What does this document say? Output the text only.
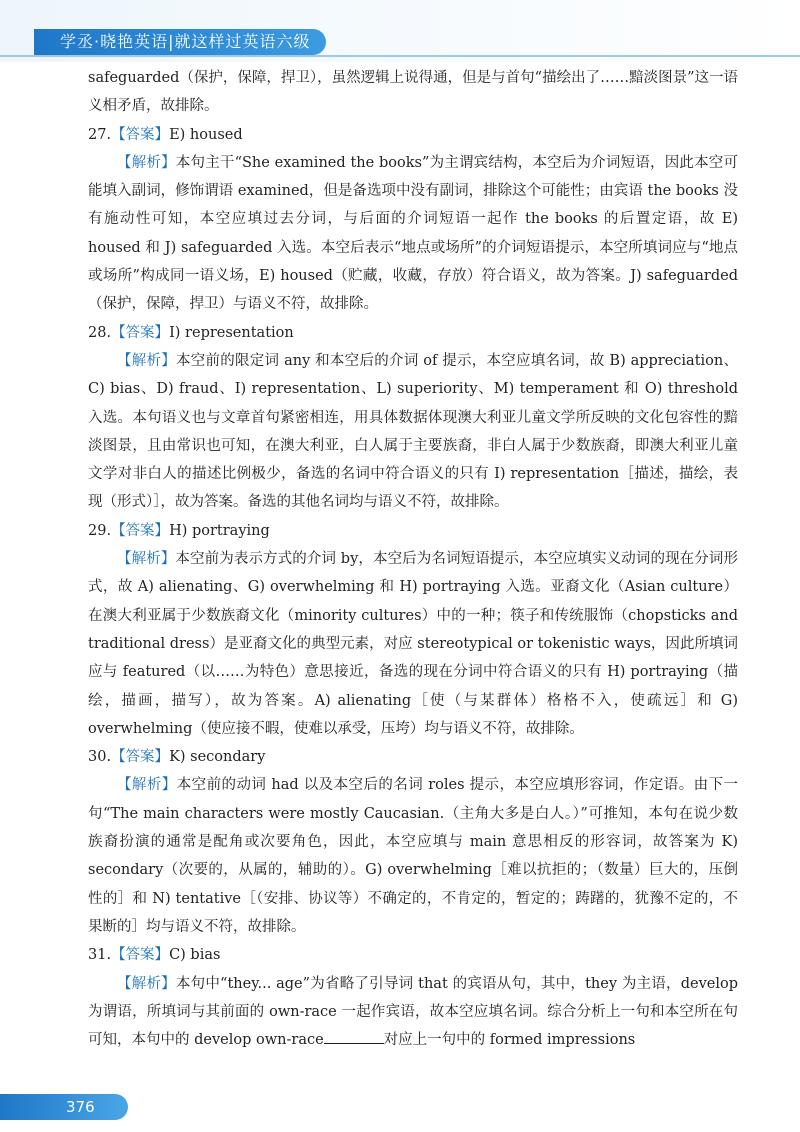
学丞·晓艳英语|就这样过英语六级

safeguarded（保护，保障，捍卫），虽然逻辑上说得通，但是与首句“描绘出了……黯淡图景”这一语义相矛盾，故排除。

27.【答案】E) housed

【解析】本句主干“She examined the books”为主谓宾结构，本空后为介词短语，因此本空可能填入副词，修饰谓语 examined，但是备选项中没有副词，排除这个可能性；由宾语 the books 没有施动性可知，本空应填过去分词，与后面的介词短语一起作 the books 的后置定语，故 E) housed 和 J) safeguarded 入选。本空后表示“地点或场所”的介词短语提示，本空所填词应与“地点或场所”构成同一语义场，E) housed（贮藏，收藏，存放）符合语义，故为答案。J) safeguarded（保护，保障，捍卫）与语义不符，故排除。

28.【答案】I) representation

【解析】本空前的限定词 any 和本空后的介词 of 提示，本空应填名词，故 B) appreciation、C) bias、D) fraud、I) representation、L) superiority、M) temperament 和 O) threshold 入选。本句语义也与文章首句紧密相连，用具体数据体现澳大利亚儿童文学所反映的文化包容性的黯淡图景，且由常识也可知，在澳大利亚，白人属于主要族裔，非白人属于少数族裔，即澳大利亚儿童文学对非白人的描述比例极少，备选的名词中符合语义的只有 I) representation［描述，描绘，表现（形式）］，故为答案。备选的其他名词均与语义不符，故排除。

29.【答案】H) portraying

【解析】本空前为表示方式的介词 by，本空后为名词短语提示，本空应填实义动词的现在分词形式，故 A) alienating、G) overwhelming 和 H) portraying 入选。亚裔文化（Asian culture）在澳大利亚属于少数族裔文化（minority cultures）中的一种；筷子和传统服饰（chopsticks and traditional dress）是亚裔文化的典型元素，对应 stereotypical or tokenistic ways，因此所填词应与 featured（以……为特色）意思接近，备选的现在分词中符合语义的只有 H) portraying（描绘，描画，描写），故为答案。A) alienating［使（与某群体）格格不入，使疏远］和 G) overwhelming（使应接不暇，使难以承受，压垮）均与语义不符，故排除。

30.【答案】K) secondary

【解析】本空前的动词 had 以及本空后的名词 roles 提示，本空应填形容词，作定语。由下一句“The main characters were mostly Caucasian.（主角大多是白人。）”可推知，本句在说少数族裔扮演的通常是配角或次要角色，因此，本空应填与 main 意思相反的形容词，故答案为 K) secondary（次要的，从属的，辅助的）。G) overwhelming［难以抗拒的；（数量）巨大的，压倒性的］和 N) tentative［（安排、协议等）不确定的，不肯定的，暂定的；踌躇的，犹豫不定的，不果断的］均与语义不符，故排除。

31.【答案】C) bias

【解析】本句中“they... age”为省略了引导词 that 的宾语从句，其中，they 为主语，develop 为谓语，所填词与其前面的 own-race 一起作宾语，故本空应填名词。综合分析上一句和本空所在句可知，本句中的 develop own-race	对应上一句中的 formed impressions

376
